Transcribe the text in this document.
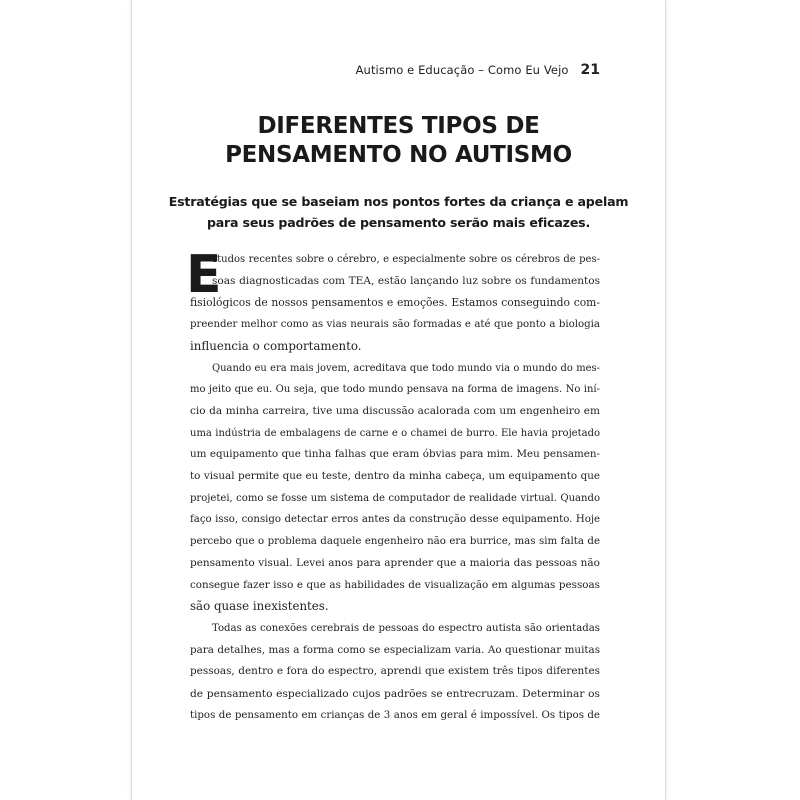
Autismo e Educação – Como Eu Vejo 21
DIFERENTES TIPOS DE
PENSAMENTO NO AUTISMO
Estratégias que se baseiam nos pontos fortes da criança e apelam
para seus padrões de pensamento serão mais eficazes.
E
studos recentes sobre o cérebro, e especialmente sobre os cérebros de pes-
soas diagnosticadas com TEA, estão lançando luz sobre os fundamentos
fisiológicos de nossos pensamentos e emoções. Estamos conseguindo com-
preender melhor como as vias neurais são formadas e até que ponto a biologia
influencia o comportamento.
Quando eu era mais jovem, acreditava que todo mundo via o mundo do mes-
mo jeito que eu. Ou seja, que todo mundo pensava na forma de imagens. No iní-
cio da minha carreira, tive uma discussão acalorada com um engenheiro em
uma indústria de embalagens de carne e o chamei de burro. Ele havia projetado
um equipamento que tinha falhas que eram óbvias para mim. Meu pensamen-
to visual permite que eu teste, dentro da minha cabeça, um equipamento que
projetei, como se fosse um sistema de computador de realidade virtual. Quando
faço isso, consigo detectar erros antes da construção desse equipamento. Hoje
percebo que o problema daquele engenheiro não era burrice, mas sim falta de
pensamento visual. Levei anos para aprender que a maioria das pessoas não
consegue fazer isso e que as habilidades de visualização em algumas pessoas
são quase inexistentes.
Todas as conexões cerebrais de pessoas do espectro autista são orientadas
para detalhes, mas a forma como se especializam varia. Ao questionar muitas
pessoas, dentro e fora do espectro, aprendi que existem três tipos diferentes
de pensamento especializado cujos padrões se entrecruzam. Determinar os
tipos de pensamento em crianças de 3 anos em geral é impossível. Os tipos de
